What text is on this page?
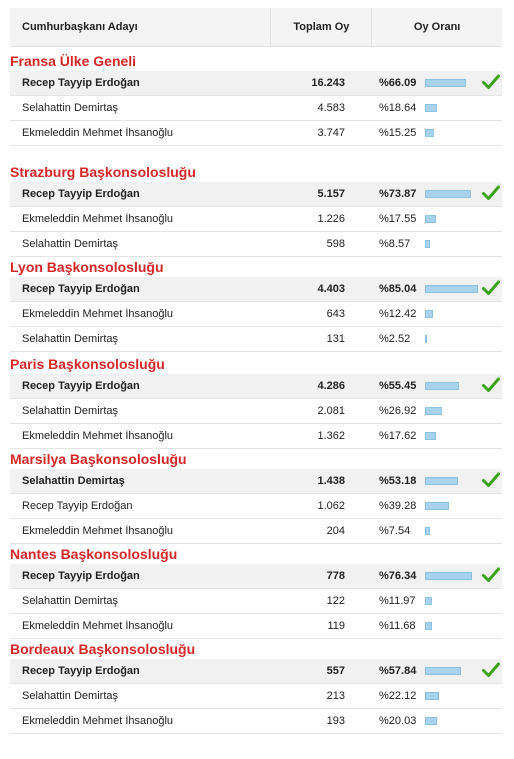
Cumhurbaşkanı Adayı	Toplam Oy	Oy Oranı
Fransa Ülke Geneli
Recep Tayyip Erdoğan	16.243	%66.09
Selahattin Demirtaş	4.583	%18.64
Ekmeleddin Mehmet İhsanoğlu	3.747	%15.25
Strazburg Başkonsolosluğu
Recep Tayyip Erdoğan	5.157	%73.87
Ekmeleddin Mehmet İhsanoğlu	1.226	%17.55
Selahattin Demirtaş	598	%8.57
Lyon Başkonsolosluğu
Recep Tayyip Erdoğan	4.403	%85.04
Ekmeleddin Mehmet İhsanoğlu	643	%12.42
Selahattin Demirtaş	131	%2.52
Paris Başkonsolosluğu
Recep Tayyip Erdoğan	4.286	%55.45
Selahattin Demirtaş	2.081	%26.92
Ekmeleddin Mehmet İhsanoğlu	1.362	%17.62
Marsilya Başkonsolosluğu
Selahattin Demirtaş	1.438	%53.18
Recep Tayyip Erdoğan	1.062	%39.28
Ekmeleddin Mehmet İhsanoğlu	204	%7.54
Nantes Başkonsolosluğu
Recep Tayyip Erdoğan	778	%76.34
Selahattin Demirtaş	122	%11.97
Ekmeleddin Mehmet İhsanoğlu	119	%11.68
Bordeaux Başkonsolosluğu
Recep Tayyip Erdoğan	557	%57.84
Selahattin Demirtaş	213	%22.12
Ekmeleddin Mehmet İhsanoğlu	193	%20.03
